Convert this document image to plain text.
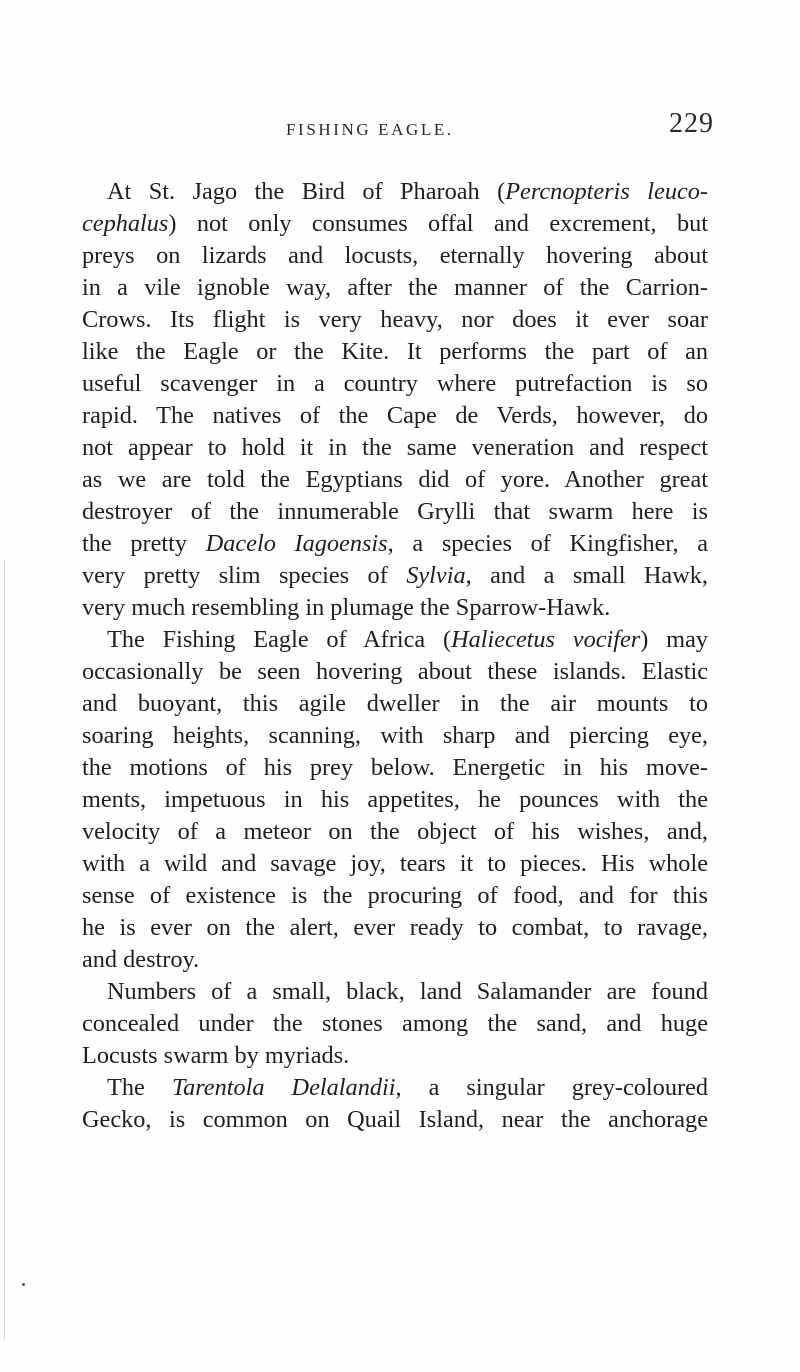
FISHING EAGLE.	229
At St. Jago the Bird of Pharoah (Percnopteris leuco-
cephalus) not only consumes offal and excrement, but
preys on lizards and locusts, eternally hovering about
in a vile ignoble way, after the manner of the Carrion-
Crows. Its flight is very heavy, nor does it ever soar
like the Eagle or the Kite. It performs the part of an
useful scavenger in a country where putrefaction is so
rapid. The natives of the Cape de Verds, however, do
not appear to hold it in the same veneration and respect
as we are told the Egyptians did of yore. Another great
destroyer of the innumerable Grylli that swarm here is
the pretty Dacelo Iagoensis, a species of Kingfisher, a
very pretty slim species of Sylvia, and a small Hawk,
very much resembling in plumage the Sparrow-Hawk.
The Fishing Eagle of Africa (Haliecetus vocifer) may
occasionally be seen hovering about these islands. Elastic
and buoyant, this agile dweller in the air mounts to
soaring heights, scanning, with sharp and piercing eye,
the motions of his prey below. Energetic in his move-
ments, impetuous in his appetites, he pounces with the
velocity of a meteor on the object of his wishes, and,
with a wild and savage joy, tears it to pieces. His whole
sense of existence is the procuring of food, and for this
he is ever on the alert, ever ready to combat, to ravage,
and destroy.
Numbers of a small, black, land Salamander are found
concealed under the stones among the sand, and huge
Locusts swarm by myriads.
The Tarentola Delalandii, a singular grey-coloured
Gecko, is common on Quail Island, near the anchorage
